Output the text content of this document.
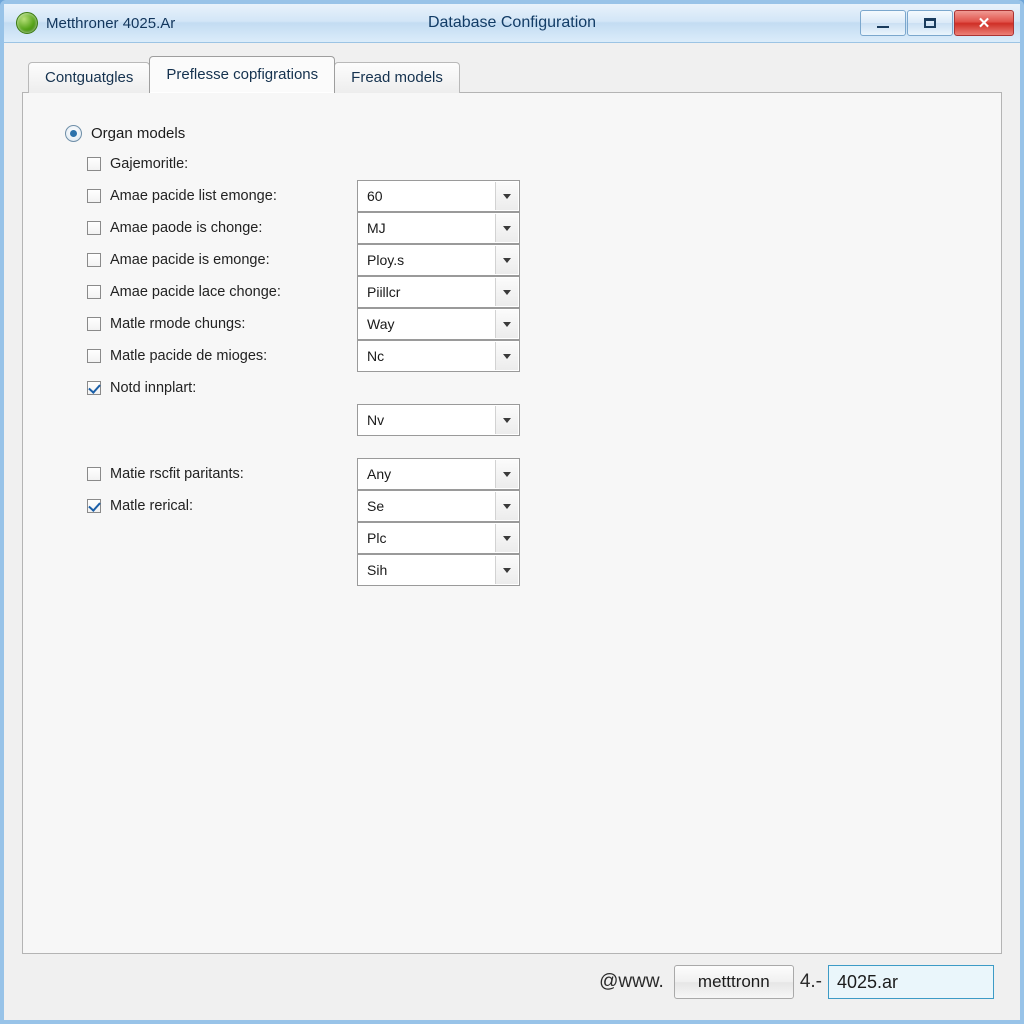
Metthroner 4025.Ar	Database Configuration	✕
Contguatgles	Preflesse copfigrations	Fread models
Organ models
Gajemoritle:
Amae pacide list emonge:	60
Amae paode is chonge:	MJ
Amae pacide is emonge:	Ploy.s
Amae pacide lace chonge:	Piillcr
Matle rmode chungs:	Way
Matle pacide de mioges:	Nc
Notd innplart:
Nv
Matie rscfit paritants:	Any
Matle rerical:	Se
Plc
Sih
@www.	metttronn	4.- 4025.ar
